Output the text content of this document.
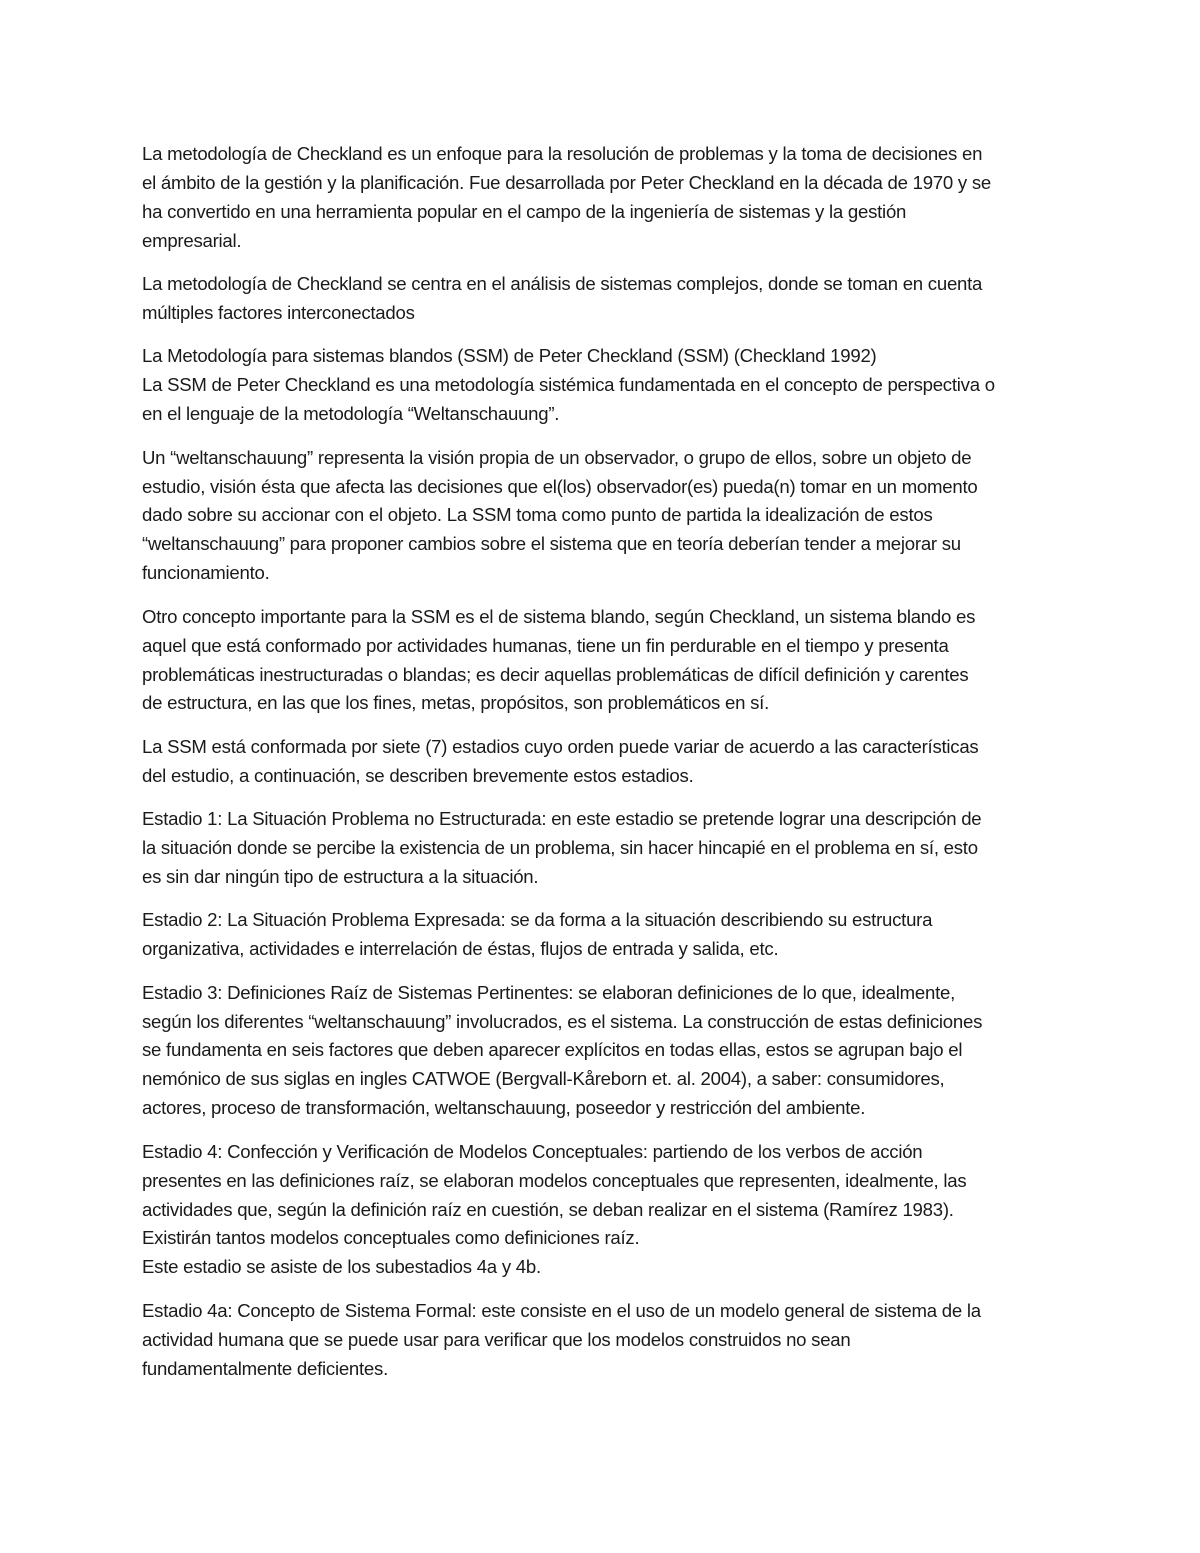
La metodología de Checkland es un enfoque para la resolución de problemas y la toma de decisiones en
el ámbito de la gestión y la planificación. Fue desarrollada por Peter Checkland en la década de 1970 y se
ha convertido en una herramienta popular en el campo de la ingeniería de sistemas y la gestión
empresarial.

La metodología de Checkland se centra en el análisis de sistemas complejos, donde se toman en cuenta
múltiples factores interconectados

La Metodología para sistemas blandos (SSM) de Peter Checkland (SSM) (Checkland 1992)
La SSM de Peter Checkland es una metodología sistémica fundamentada en el concepto de perspectiva o
en el lenguaje de la metodología “Weltanschauung”.

Un “weltanschauung” representa la visión propia de un observador, o grupo de ellos, sobre un objeto de
estudio, visión ésta que afecta las decisiones que el(los) observador(es) pueda(n) tomar en un momento
dado sobre su accionar con el objeto. La SSM toma como punto de partida la idealización de estos
“weltanschauung” para proponer cambios sobre el sistema que en teoría deberían tender a mejorar su
funcionamiento.

Otro concepto importante para la SSM es el de sistema blando, según Checkland, un sistema blando es
aquel que está conformado por actividades humanas, tiene un fin perdurable en el tiempo y presenta
problemáticas inestructuradas o blandas; es decir aquellas problemáticas de difícil definición y carentes
de estructura, en las que los fines, metas, propósitos, son problemáticos en sí.

La SSM está conformada por siete (7) estadios cuyo orden puede variar de acuerdo a las características
del estudio, a continuación, se describen brevemente estos estadios.

Estadio 1: La Situación Problema no Estructurada: en este estadio se pretende lograr una descripción de
la situación donde se percibe la existencia de un problema, sin hacer hincapié en el problema en sí, esto
es sin dar ningún tipo de estructura a la situación.

Estadio 2: La Situación Problema Expresada: se da forma a la situación describiendo su estructura
organizativa, actividades e interrelación de éstas, flujos de entrada y salida, etc.

Estadio 3: Definiciones Raíz de Sistemas Pertinentes: se elaboran definiciones de lo que, idealmente,
según los diferentes “weltanschauung” involucrados, es el sistema. La construcción de estas definiciones
se fundamenta en seis factores que deben aparecer explícitos en todas ellas, estos se agrupan bajo el
nemónico de sus siglas en ingles CATWOE (Bergvall-Kåreborn et. al. 2004), a saber: consumidores,
actores, proceso de transformación, weltanschauung, poseedor y restricción del ambiente.

Estadio 4: Confección y Verificación de Modelos Conceptuales: partiendo de los verbos de acción
presentes en las definiciones raíz, se elaboran modelos conceptuales que representen, idealmente, las
actividades que, según la definición raíz en cuestión, se deban realizar en el sistema (Ramírez 1983).
Existirán tantos modelos conceptuales como definiciones raíz.
Este estadio se asiste de los subestadios 4a y 4b.

Estadio 4a: Concepto de Sistema Formal: este consiste en el uso de un modelo general de sistema de la
actividad humana que se puede usar para verificar que los modelos construidos no sean
fundamentalmente deficientes.
